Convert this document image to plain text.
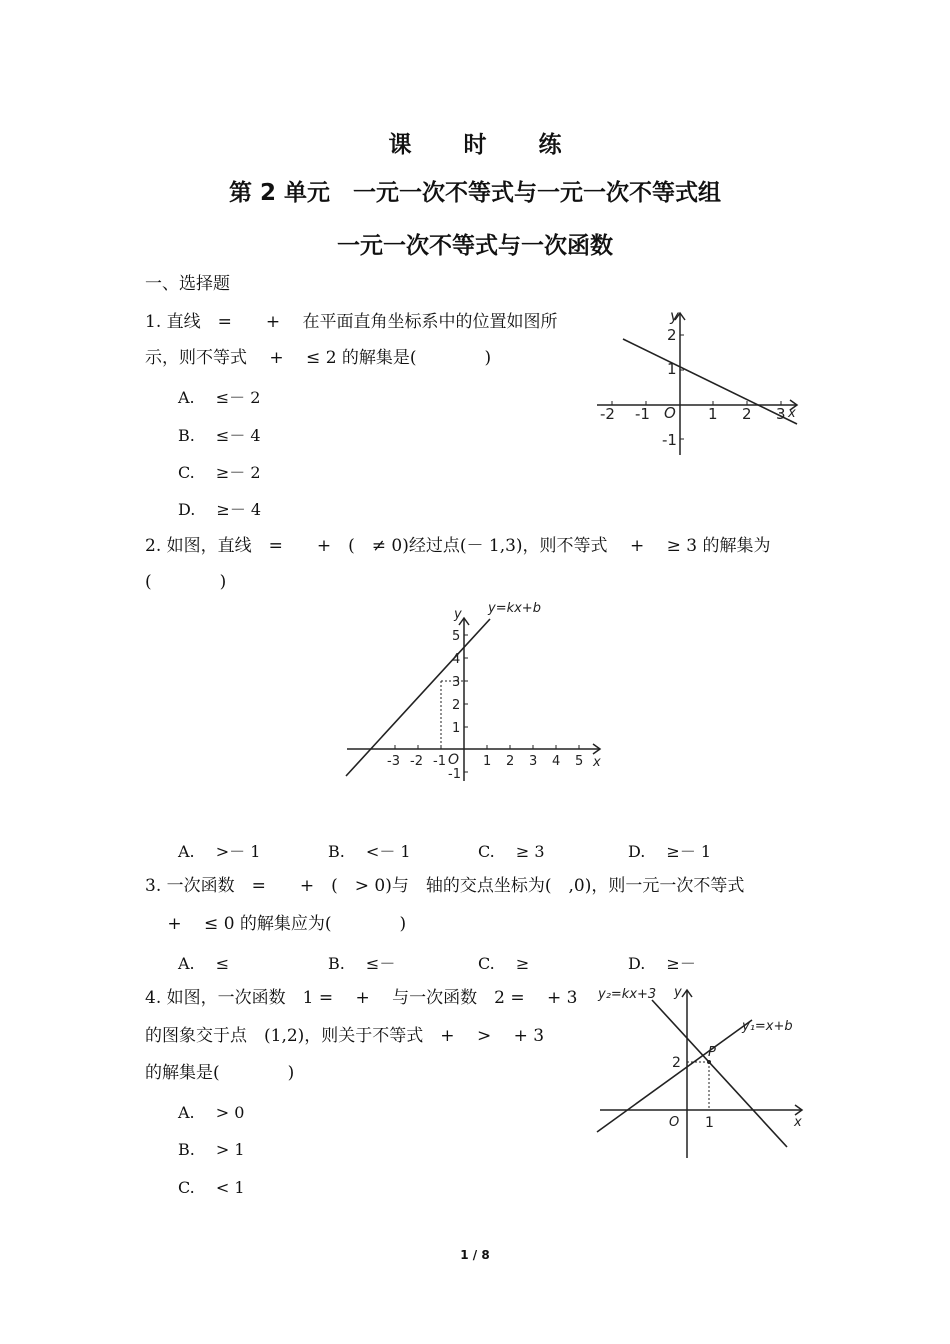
课 时 练
第 2 单元　一元一次不等式与一元一次不等式组
一元一次不等式与一次函数
一、选择题
1. 直线　=　　+　 在平面直角坐标系中的位置如图所
示，则不等式　 +　 ≤ 2 的解集是(　　　　)
A.　 ≤－ 2
B.　 ≤－ 4
C.　 ≥－ 2
D.　 ≥－ 4
y
x
O
2
1
-1
-2 -1	1 2 3
2. 如图，直线　=　　+　(　≠ 0)经过点(－ 1,3)，则不等式　 +　 ≥ 3 的解集为
(　　　　)
y=kx+b
y
x
O
5
4
3
2
1
-1
-3 -2 -1	1 2 3 4 5
A.　 >－ 1	B.　 <－ 1	C.　 ≥ 3	D.　 ≥－ 1
3. 一次函数　=　　+　(　> 0)与　轴的交点坐标为(　,0)，则一元一次不等式
　 +　 ≤ 0 的解集应为(　　　　)
A.　 ≤	B.　 ≤－	C.　 ≥	D.　 ≥－
4. 如图，一次函数　1 =　 +　 与一次函数　2 =　 + 3
的图象交于点　(1,2)，则关于不等式　+　 >　 + 3
的解集是(　　　　)
A.　 > 0
B.　 > 1
C.　 < 1
y₂=kx+3
y₁=x+b
P
y
x
O
2
1
1 / 8
